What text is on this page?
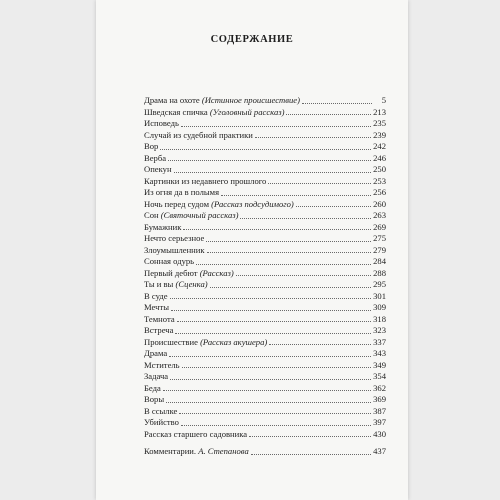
СОДЕРЖАНИЕ
Драма на охоте (Истинное происшествие)	5
Шведская спичка (Уголовный рассказ)	213
Исповедь	235
Случай из судебной практики	239
Вор	242
Верба	246
Опекун	250
Картинки из недавнего прошлого	253
Из огня да в полымя	256
Ночь перед судом (Рассказ подсудимого)	260
Сон (Святочный рассказ)	263
Бумажник	269
Нечто серьезное	275
Злоумышленник	279
Сонная одурь	284
Первый дебют (Рассказ)	288
Ты и вы (Сценка)	295
В суде	301
Мечты	309
Темнота	318
Встреча	323
Происшествие (Рассказ акушера)	337
Драма	343
Мститель	349
Задача	354
Беда	362
Воры	369
В ссылке	387
Убийство	397
Рассказ старшего садовника	430
Комментарии. А. Степанова	437
